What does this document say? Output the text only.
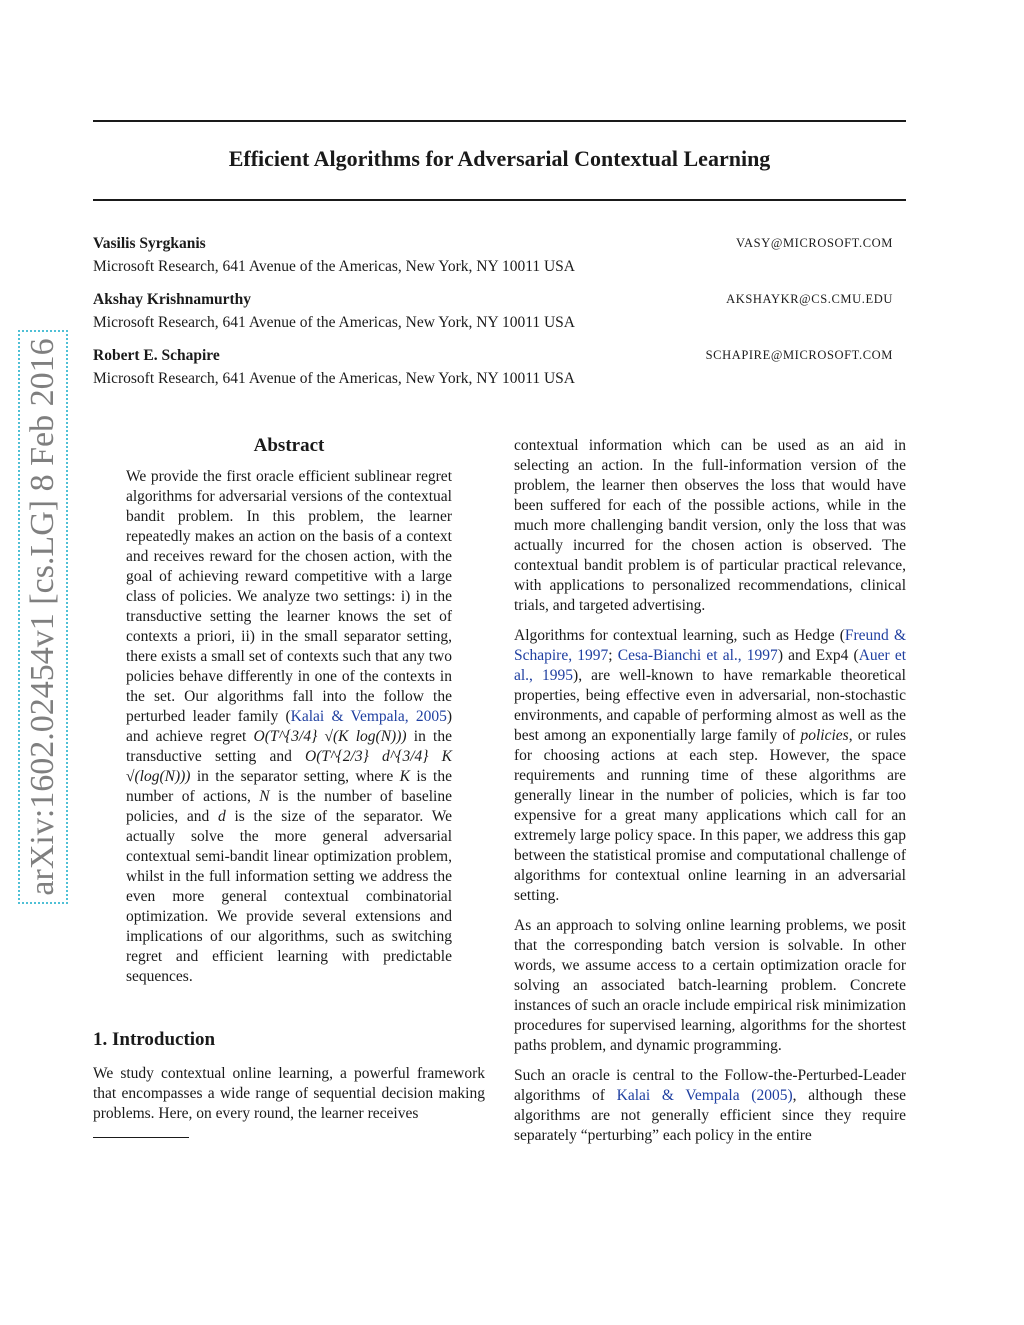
Efficient Algorithms for Adversarial Contextual Learning
Vasilis Syrgkanis	VASY@MICROSOFT.COM
Microsoft Research, 641 Avenue of the Americas, New York, NY 10011 USA
Akshay Krishnamurthy	AKSHAYKR@CS.CMU.EDU
Microsoft Research, 641 Avenue of the Americas, New York, NY 10011 USA
Robert E. Schapire	SCHAPIRE@MICROSOFT.COM
Microsoft Research, 641 Avenue of the Americas, New York, NY 10011 USA
arXiv:1602.02454v1 [cs.LG] 8 Feb 2016	Abstract
We provide the first oracle efficient sublinear regret algorithms for adversarial versions of the contextual bandit problem. In this problem, the learner repeatedly makes an action on the basis of a context and receives reward for the chosen action, with the goal of achieving reward competitive with a large class of policies. We analyze two settings: i) in the transductive setting the learner knows the set of contexts a priori, ii) in the small separator setting, there exists a small set of contexts such that any two policies behave differently in one of the contexts in the set. Our algorithms fall into the follow the perturbed leader family (Kalai & Vempala, 2005) and achieve regret O(T^{3/4} √(K log(N))) in the transductive setting and O(T^{2/3} d^{3/4} K √(log(N))) in the separator setting, where K is the number of actions, N is the number of baseline policies, and d is the size of the separator. We actually solve the more general adversarial contextual semi-bandit linear optimization problem, whilst in the full information setting we address the even more general contextual combinatorial optimization. We provide several extensions and implications of our algorithms, such as switching regret and efficient learning with predictable sequences.
1. Introduction
We study contextual online learning, a powerful framework that encompasses a wide range of sequential decision making problems. Here, on every round, the learner receives

contextual information which can be used as an aid in selecting an action. In the full-information version of the problem, the learner then observes the loss that would have been suffered for each of the possible actions, while in the much more challenging bandit version, only the loss that was actually incurred for the chosen action is observed. The contextual bandit problem is of particular practical relevance, with applications to personalized recommendations, clinical trials, and targeted advertising.

Algorithms for contextual learning, such as Hedge (Freund & Schapire, 1997; Cesa-Bianchi et al., 1997) and Exp4 (Auer et al., 1995), are well-known to have remarkable theoretical properties, being effective even in adversarial, non-stochastic environments, and capable of performing almost as well as the best among an exponentially large family of policies, or rules for choosing actions at each step. However, the space requirements and running time of these algorithms are generally linear in the number of policies, which is far too expensive for a great many applications which call for an extremely large policy space. In this paper, we address this gap between the statistical promise and computational challenge of algorithms for contextual online learning in an adversarial setting.

As an approach to solving online learning problems, we posit that the corresponding batch version is solvable. In other words, we assume access to a certain optimization oracle for solving an associated batch-learning problem. Concrete instances of such an oracle include empirical risk minimization procedures for supervised learning, algorithms for the shortest paths problem, and dynamic programming.

Such an oracle is central to the Follow-the-Perturbed-Leader algorithms of Kalai & Vempala (2005), although these algorithms are not generally efficient since they require separately “perturbing” each policy in the entire
